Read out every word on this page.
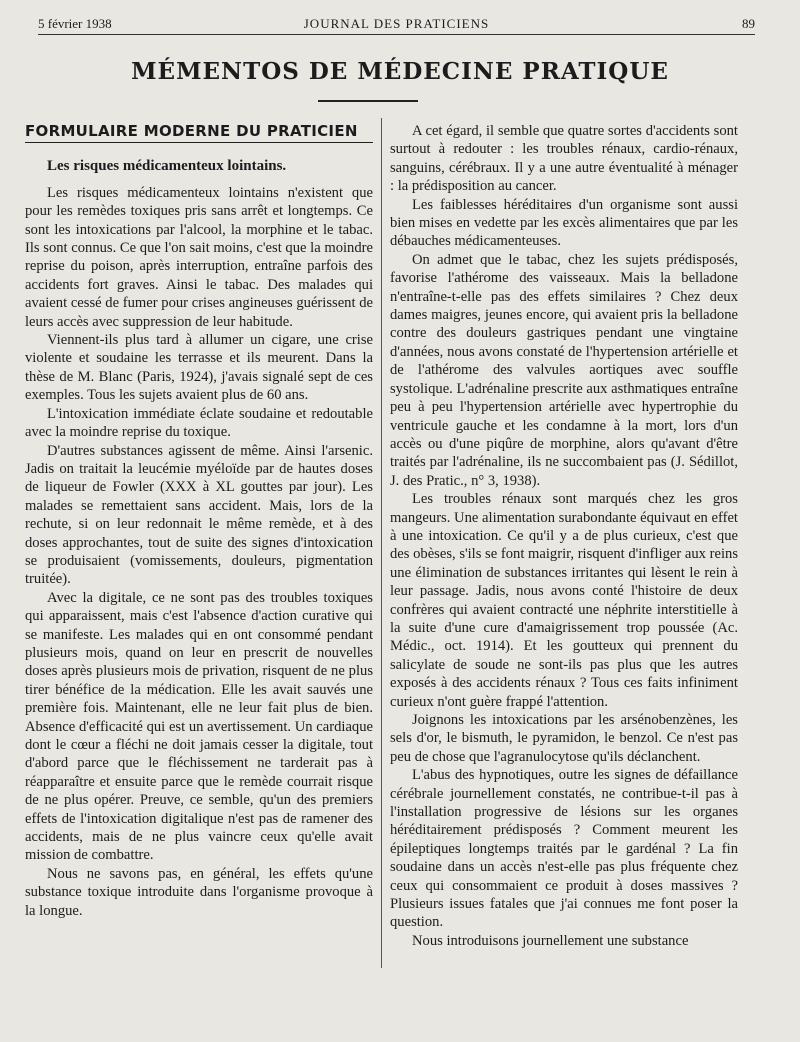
5 février 1938	JOURNAL DES PRATICIENS	89
MÉMENTOS DE MÉDECINE PRATIQUE
FORMULAIRE MODERNE DU PRATICIEN
Les risques médicamenteux lointains.

Les risques médicamenteux lointains n'existent que pour les remèdes toxiques pris sans arrêt et longtemps. Ce sont les intoxications par l'alcool, la morphine et le tabac. Ils sont connus. Ce que l'on sait moins, c'est que la moindre reprise du poison, après interruption, entraîne parfois des accidents fort graves. Ainsi le tabac. Des malades qui avaient cessé de fumer pour crises angineuses guérissent de leurs accès avec suppression de leur habitude.

Viennent-ils plus tard à allumer un cigare, une crise violente et soudaine les terrasse et ils meurent. Dans la thèse de M. Blanc (Paris, 1924), j'avais signalé sept de ces exemples. Tous les sujets avaient plus de 60 ans.

L'intoxication immédiate éclate soudaine et redoutable avec la moindre reprise du toxique.

D'autres substances agissent de même. Ainsi l'arsenic. Jadis on traitait la leucémie myéloïde par de hautes doses de liqueur de Fowler (XXX à XL gouttes par jour). Les malades se remettaient sans accident. Mais, lors de la rechute, si on leur redonnait le même remède, et à des doses approchantes, tout de suite des signes d'intoxication se produisaient (vomissements, douleurs, pigmentation truitée).

Avec la digitale, ce ne sont pas des troubles toxiques qui apparaissent, mais c'est l'absence d'action curative qui se manifeste. Les malades qui en ont consommé pendant plusieurs mois, quand on leur en prescrit de nouvelles doses après plusieurs mois de privation, risquent de ne plus tirer bénéfice de la médication. Elle les avait sauvés une première fois. Maintenant, elle ne leur fait plus de bien. Absence d'efficacité qui est un avertissement. Un cardiaque dont le cœur a fléchi ne doit jamais cesser la digitale, tout d'abord parce que le fléchissement ne tarderait pas à réapparaître et ensuite parce que le remède courrait risque de ne plus opérer. Preuve, ce semble, qu'un des premiers effets de l'intoxication digitalique n'est pas de ramener des accidents, mais de ne plus vaincre ceux qu'elle avait mission de combattre.

Nous ne savons pas, en général, les effets qu'une substance toxique introduite dans l'organisme provoque à la longue.

A cet égard, il semble que quatre sortes d'accidents sont surtout à redouter : les troubles rénaux, cardio-rénaux, sanguins, cérébraux. Il y a une autre éventualité à ménager : la prédisposition au cancer.

Les faiblesses héréditaires d'un organisme sont aussi bien mises en vedette par les excès alimentaires que par les débauches médicamenteuses.

On admet que le tabac, chez les sujets prédisposés, favorise l'athérome des vaisseaux. Mais la belladone n'entraîne-t-elle pas des effets similaires ? Chez deux dames maigres, jeunes encore, qui avaient pris la belladone contre des douleurs gastriques pendant une vingtaine d'années, nous avons constaté de l'hypertension artérielle et de l'athérome des valvules aortiques avec souffle systolique. L'adrénaline prescrite aux asthmatiques entraîne peu à peu l'hypertension artérielle avec hypertrophie du ventricule gauche et les condamne à la mort, lors d'un accès ou d'une piqûre de morphine, alors qu'avant d'être traités par l'adrénaline, ils ne succombaient pas (J. Sédillot, J. des Pratic., n° 3, 1938).

Les troubles rénaux sont marqués chez les gros mangeurs. Une alimentation surabondante équivaut en effet à une intoxication. Ce qu'il y a de plus curieux, c'est que des obèses, s'ils se font maigrir, risquent d'infliger aux reins une élimination de substances irritantes qui lèsent le rein à leur passage. Jadis, nous avons conté l'histoire de deux confrères qui avaient contracté une néphrite interstitielle à la suite d'une cure d'amaigrissement trop poussée (Ac. Médic., oct. 1914). Et les goutteux qui prennent du salicylate de soude ne sont-ils pas plus que les autres exposés à des accidents rénaux ? Tous ces faits infiniment curieux n'ont guère frappé l'attention.

Joignons les intoxications par les arsénobenzènes, les sels d'or, le bismuth, le pyramidon, le benzol. Ce n'est pas peu de chose que l'agranulocytose qu'ils déclanchent.

L'abus des hypnotiques, outre les signes de défaillance cérébrale journellement constatés, ne contribue-t-il pas à l'installation progressive de lésions sur les organes héréditairement prédisposés ? Comment meurent les épileptiques longtemps traités par le gardénal ? La fin soudaine dans un accès n'est-elle pas plus fréquente chez ceux qui consommaient ce produit à doses massives ? Plusieurs issues fatales que j'ai connues me font poser la question.

Nous introduisons journellement une substance
